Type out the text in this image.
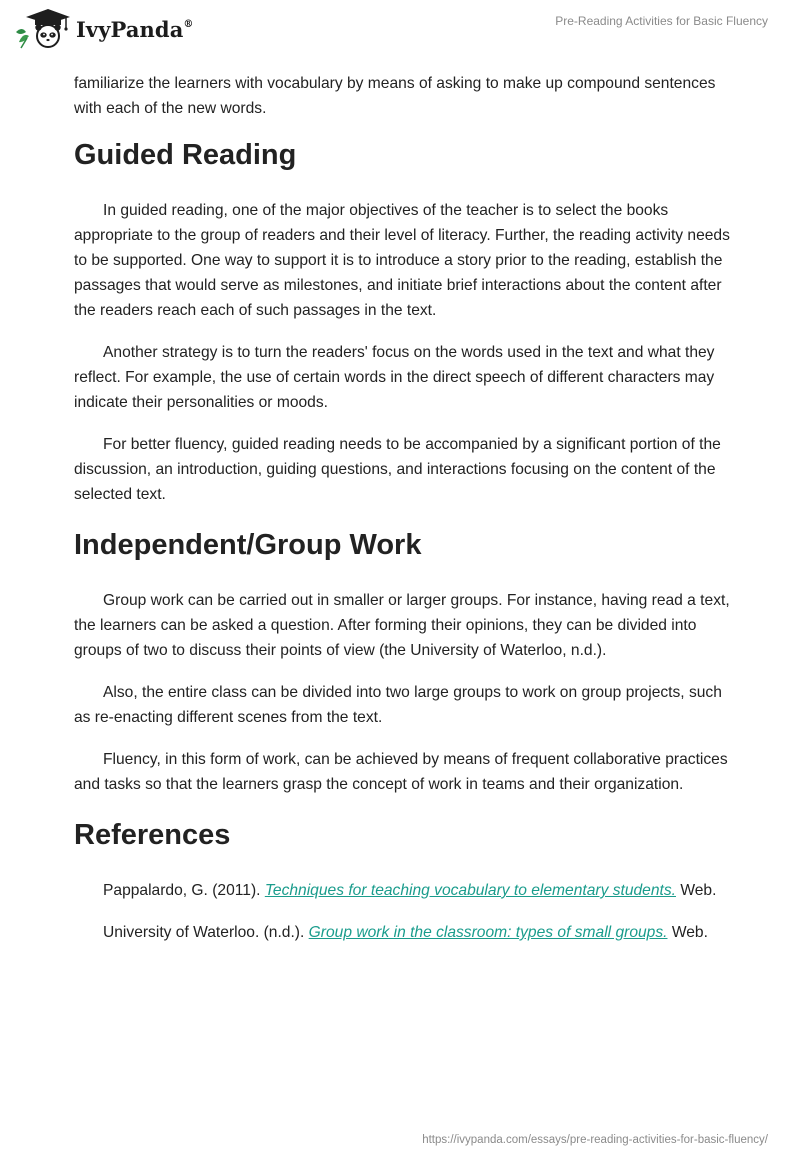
IvyPanda®	Pre-Reading Activities for Basic Fluency

familiarize the learners with vocabulary by means of asking to make up compound sentences with each of the new words.

Guided Reading

In guided reading, one of the major objectives of the teacher is to select the books appropriate to the group of readers and their level of literacy. Further, the reading activity needs to be supported. One way to support it is to introduce a story prior to the reading, establish the passages that would serve as milestones, and initiate brief interactions about the content after the readers reach each of such passages in the text.

Another strategy is to turn the readers' focus on the words used in the text and what they reflect. For example, the use of certain words in the direct speech of different characters may indicate their personalities or moods.

For better fluency, guided reading needs to be accompanied by a significant portion of the discussion, an introduction, guiding questions, and interactions focusing on the content of the selected text.

Independent/Group Work

Group work can be carried out in smaller or larger groups. For instance, having read a text, the learners can be asked a question. After forming their opinions, they can be divided into groups of two to discuss their points of view (the University of Waterloo, n.d.).

Also, the entire class can be divided into two large groups to work on group projects, such as re-enacting different scenes from the text.

Fluency, in this form of work, can be achieved by means of frequent collaborative practices and tasks so that the learners grasp the concept of work in teams and their organization.

References

Pappalardo, G. (2011). Techniques for teaching vocabulary to elementary students. Web.

University of Waterloo. (n.d.). Group work in the classroom: types of small groups. Web.

https://ivypanda.com/essays/pre-reading-activities-for-basic-fluency/
